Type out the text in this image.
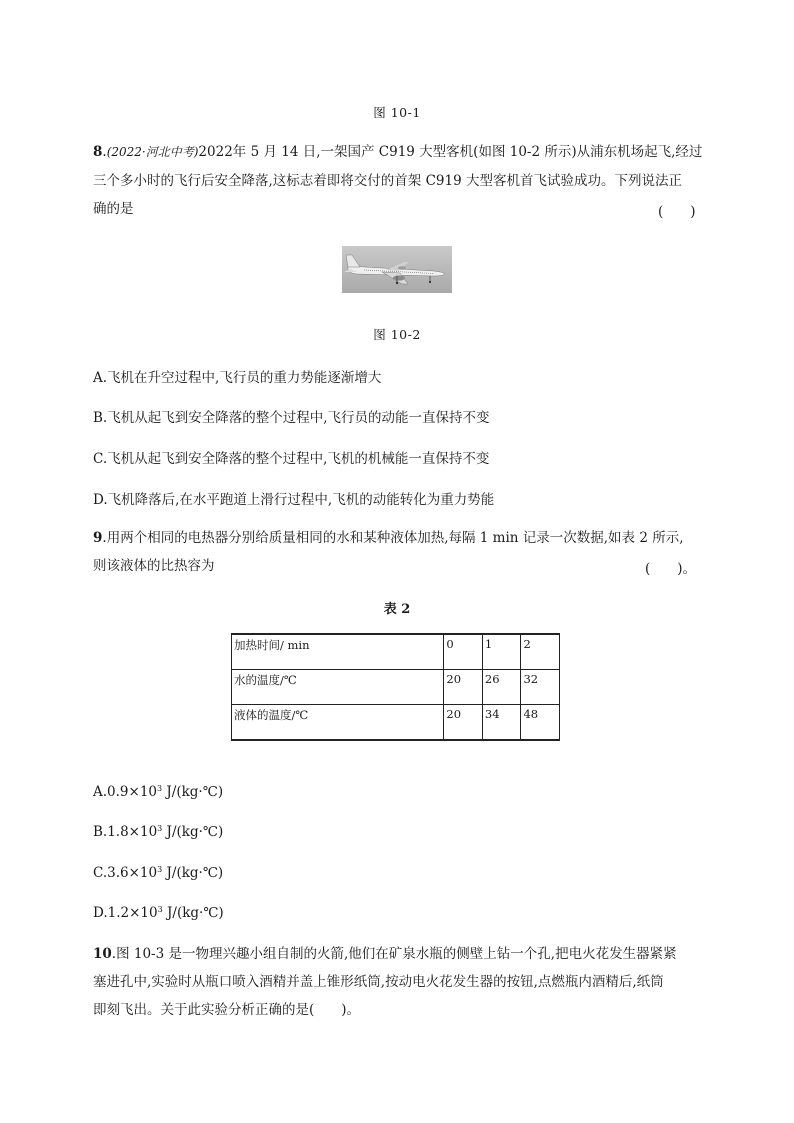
图 10-1
8.(2022·河北中考)2022年 5 月 14 日,一架国产 C919 大型客机(如图 10-2 所示)从浦东机场起飞,经过
三个多小时的飞行后安全降落,这标志着即将交付的首架 C919 大型客机首飞试验成功。下列说法正
确的是	(　　)
图 10-2
A.飞机在升空过程中,飞行员的重力势能逐渐增大
B.飞机从起飞到安全降落的整个过程中,飞行员的动能一直保持不变
C.飞机从起飞到安全降落的整个过程中,飞机的机械能一直保持不变
D.飞机降落后,在水平跑道上滑行过程中,飞机的动能转化为重力势能
9.用两个相同的电热器分别给质量相同的水和某种液体加热,每隔 1 min 记录一次数据,如表 2 所示,
则该液体的比热容为	(　　)。
表 2
加热时间/ min	0	1	2
水的温度/℃	20	26	32
液体的温度/℃	20	34	48
$A.0.9\times 10^3$ J/(kg·℃)
$B.1.8\times 10^3$ J/(kg·℃)
$C.3.6\times 10^3$ J/(kg·℃)
$D.1.2\times 10^3$ J/(kg·℃)
10.图 10-3 是一物理兴趣小组自制的火箭,他们在矿泉水瓶的侧壁上钻一个孔,把电火花发生器紧紧
塞进孔中,实验时从瓶口喷入酒精并盖上锥形纸筒,按动电火花发生器的按钮,点燃瓶内酒精后,纸筒
即刻飞出。关于此实验分析正确的是(　　)。
